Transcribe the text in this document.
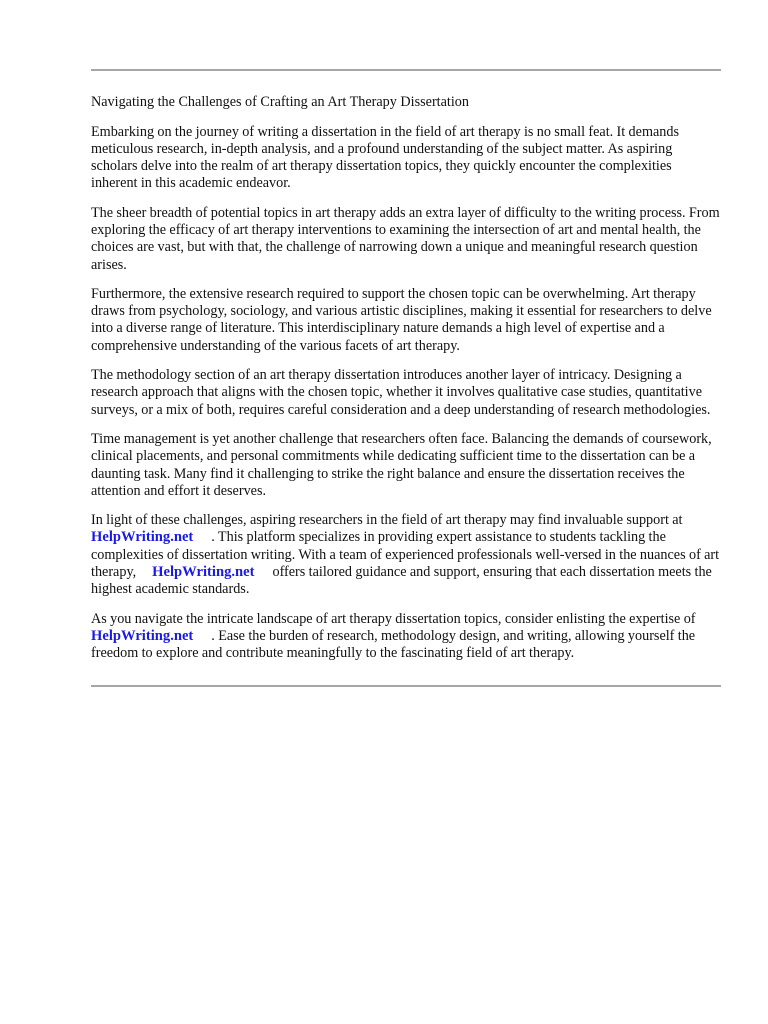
Navigating the Challenges of Crafting an Art Therapy Dissertation

Embarking on the journey of writing a dissertation in the field of art therapy is no small feat. It demands meticulous research, in-depth analysis, and a profound understanding of the subject matter. As aspiring scholars delve into the realm of art therapy dissertation topics, they quickly encounter the complexities inherent in this academic endeavor.

The sheer breadth of potential topics in art therapy adds an extra layer of difficulty to the writing process. From exploring the efficacy of art therapy interventions to examining the intersection of art and mental health, the choices are vast, but with that, the challenge of narrowing down a unique and meaningful research question arises.

Furthermore, the extensive research required to support the chosen topic can be overwhelming. Art therapy draws from psychology, sociology, and various artistic disciplines, making it essential for researchers to delve into a diverse range of literature. This interdisciplinary nature demands a high level of expertise and a comprehensive understanding of the various facets of art therapy.

The methodology section of an art therapy dissertation introduces another layer of intricacy. Designing a research approach that aligns with the chosen topic, whether it involves qualitative case studies, quantitative surveys, or a mix of both, requires careful consideration and a deep understanding of research methodologies.

Time management is yet another challenge that researchers often face. Balancing the demands of coursework, clinical placements, and personal commitments while dedicating sufficient time to the dissertation can be a daunting task. Many find it challenging to strike the right balance and ensure the dissertation receives the attention and effort it deserves.

In light of these challenges, aspiring researchers in the field of art therapy may find invaluable support atHelpWriting.net . This platform specializes in providing expert assistance to students tackling the complexities of dissertation writing. With a team of experienced professionals well-versed in the nuances of art therapy, HelpWriting.net offers tailored guidance and support, ensuring that each dissertation meets the highest academic standards.

As you navigate the intricate landscape of art therapy dissertation topics, consider enlisting the expertise ofHelpWriting.net . Ease the burden of research, methodology design, and writing, allowing yourself the freedom to explore and contribute meaningfully to the fascinating field of art therapy.
